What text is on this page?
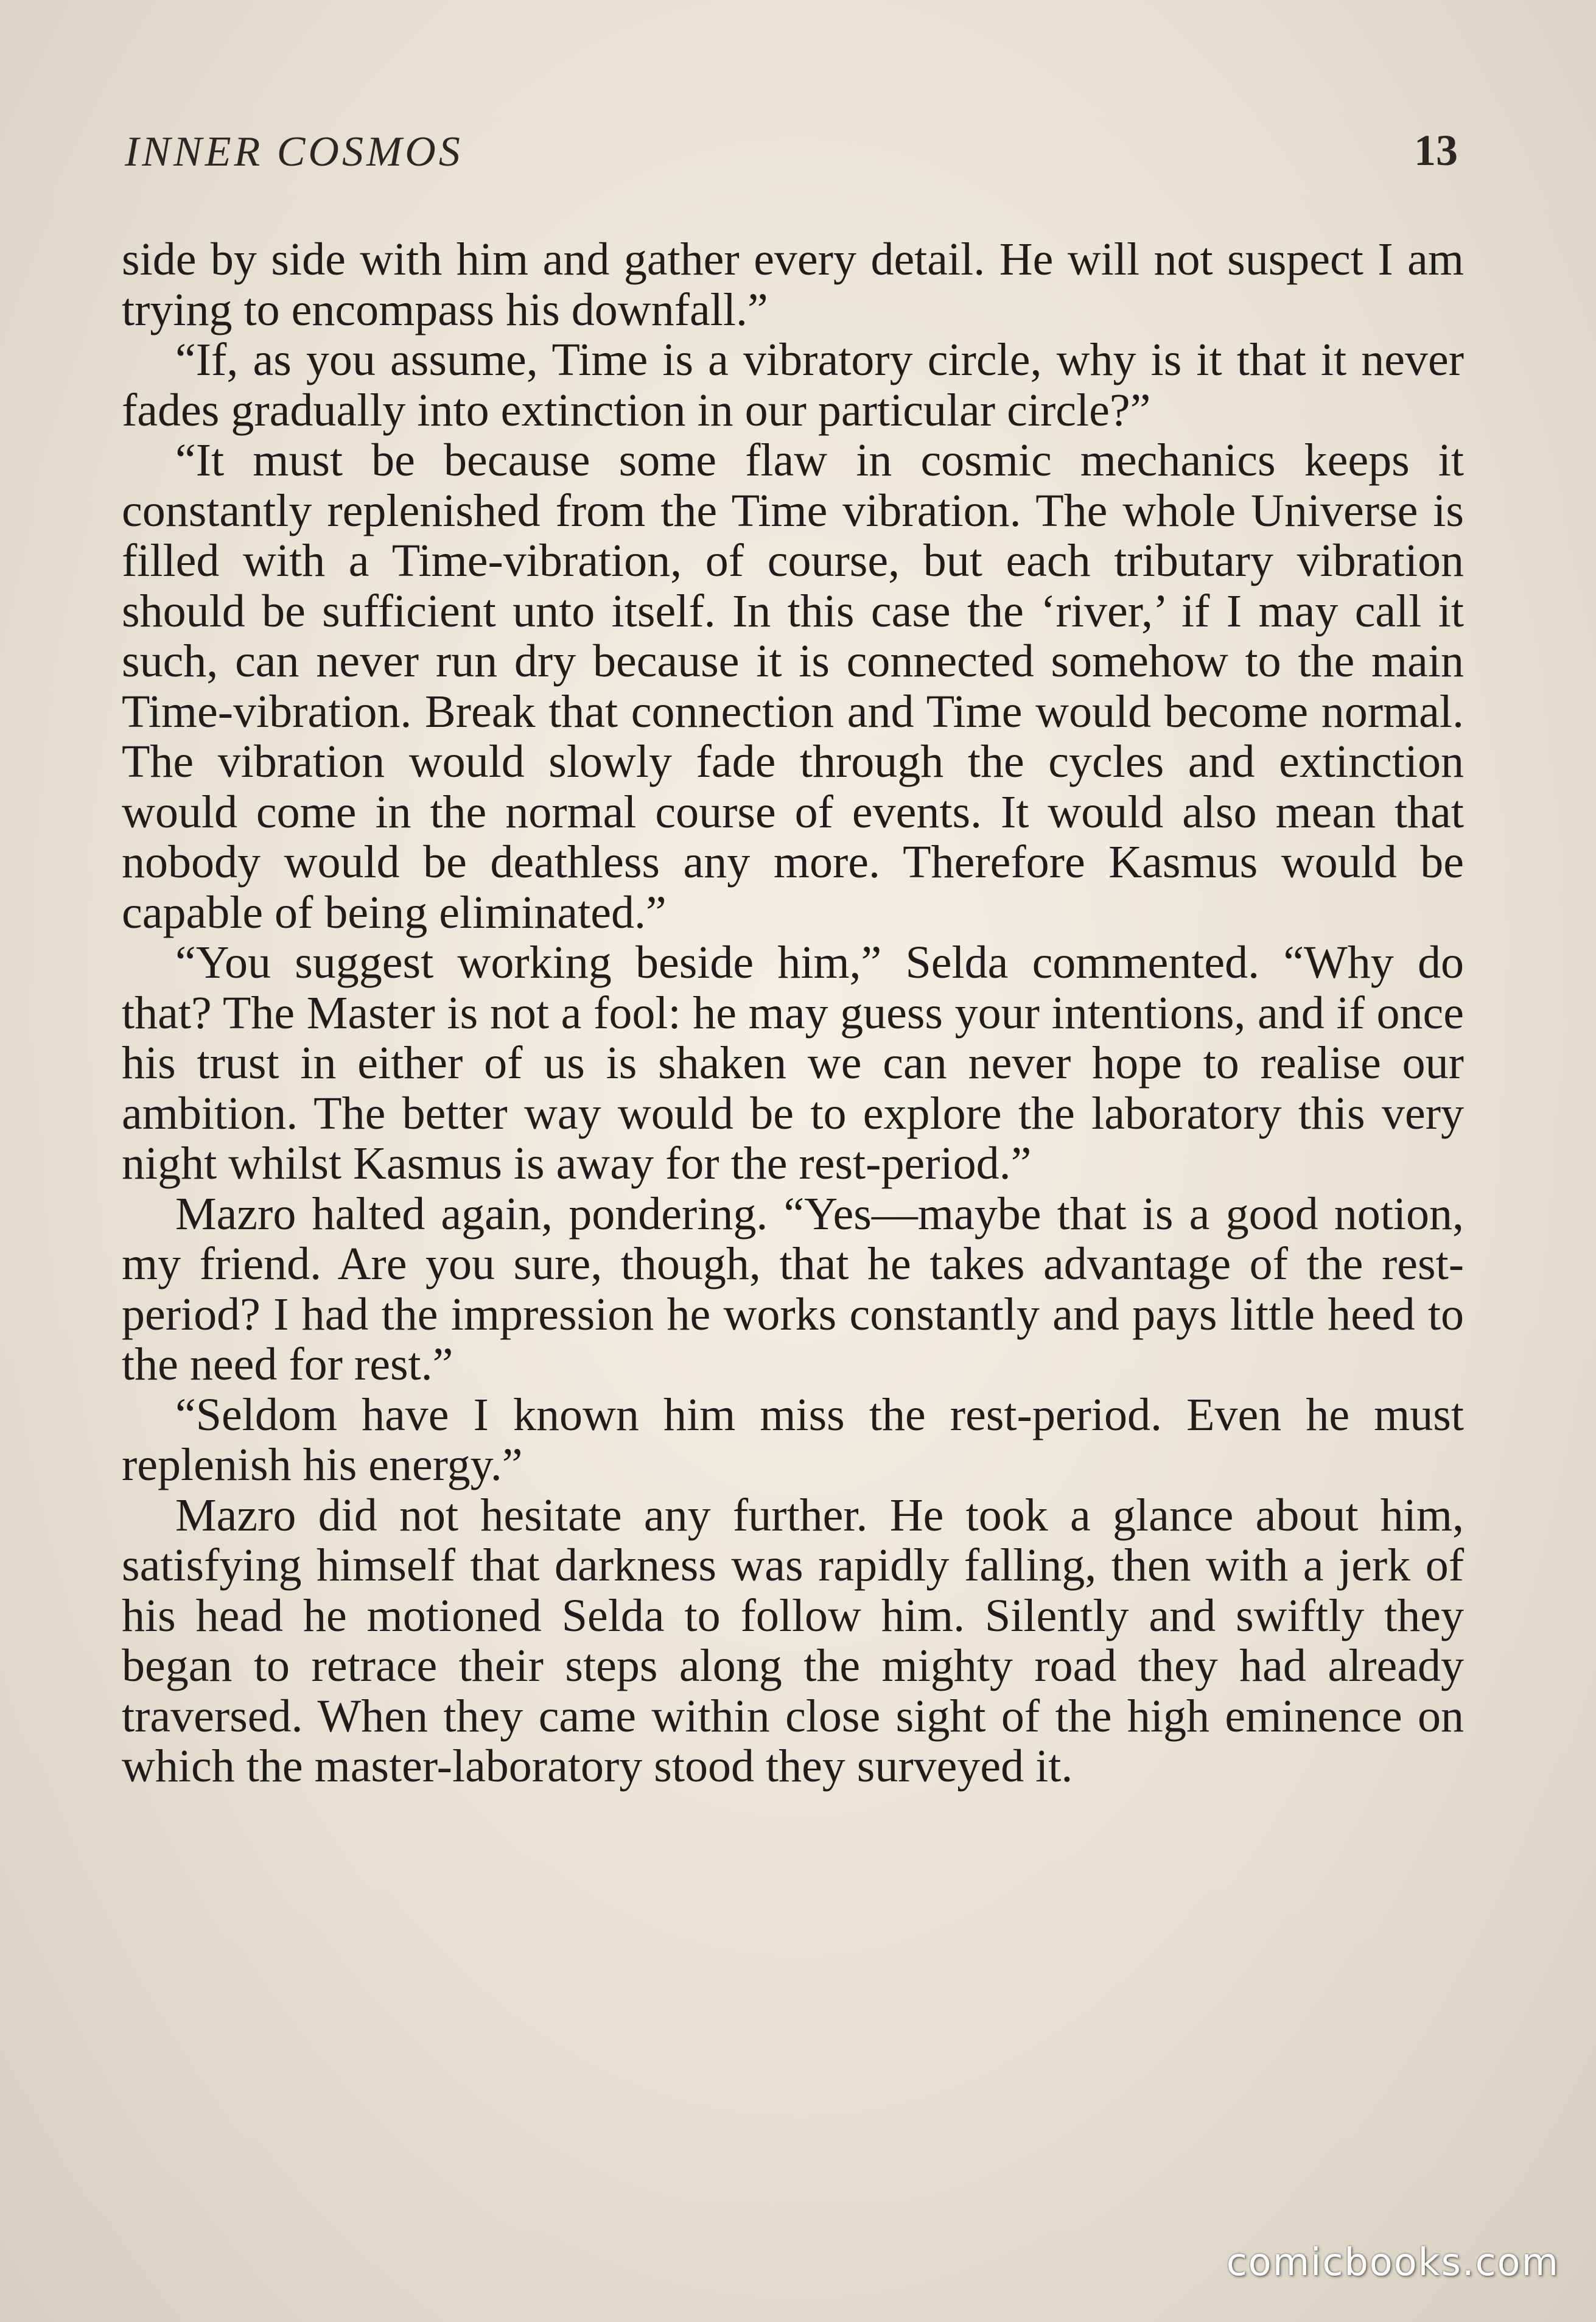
INNER COSMOS	13

side by side with him and gather every detail. He will not suspect I am trying to encompass his downfall.”

“If, as you assume, Time is a vibratory circle, why is it that it never fades gradually into extinction in our particular circle?”

“It must be because some flaw in cosmic mechanics keeps it constantly replenished from the Time vibration. The whole Universe is filled with a Time-vibration, of course, but each tributary vibration should be sufficient unto itself. In this case the ‘river,’ if I may call it such, can never run dry because it is connected somehow to the main Time-vibration. Break that connection and Time would become normal. The vibration would slowly fade through the cycles and extinction would come in the normal course of events. It would also mean that nobody would be deathless any more. Therefore Kasmus would be capable of being eliminated.”

“You suggest working beside him,” Selda commented. “Why do that? The Master is not a fool: he may guess your intentions, and if once his trust in either of us is shaken we can never hope to realise our ambition. The better way would be to explore the laboratory this very night whilst Kasmus is away for the rest-period.”

Mazro halted again, pondering. “Yes—maybe that is a good notion, my friend. Are you sure, though, that he takes advantage of the rest-period? I had the impression he works constantly and pays little heed to the need for rest.”

“Seldom have I known him miss the rest-period. Even he must replenish his energy.”

Mazro did not hesitate any further. He took a glance about him, satisfying himself that darkness was rapidly falling, then with a jerk of his head he motioned Selda to follow him. Silently and swiftly they began to retrace their steps along the mighty road they had already traversed. When they came within close sight of the high eminence on which the master-laboratory stood they surveyed it.

comicbooks.com
